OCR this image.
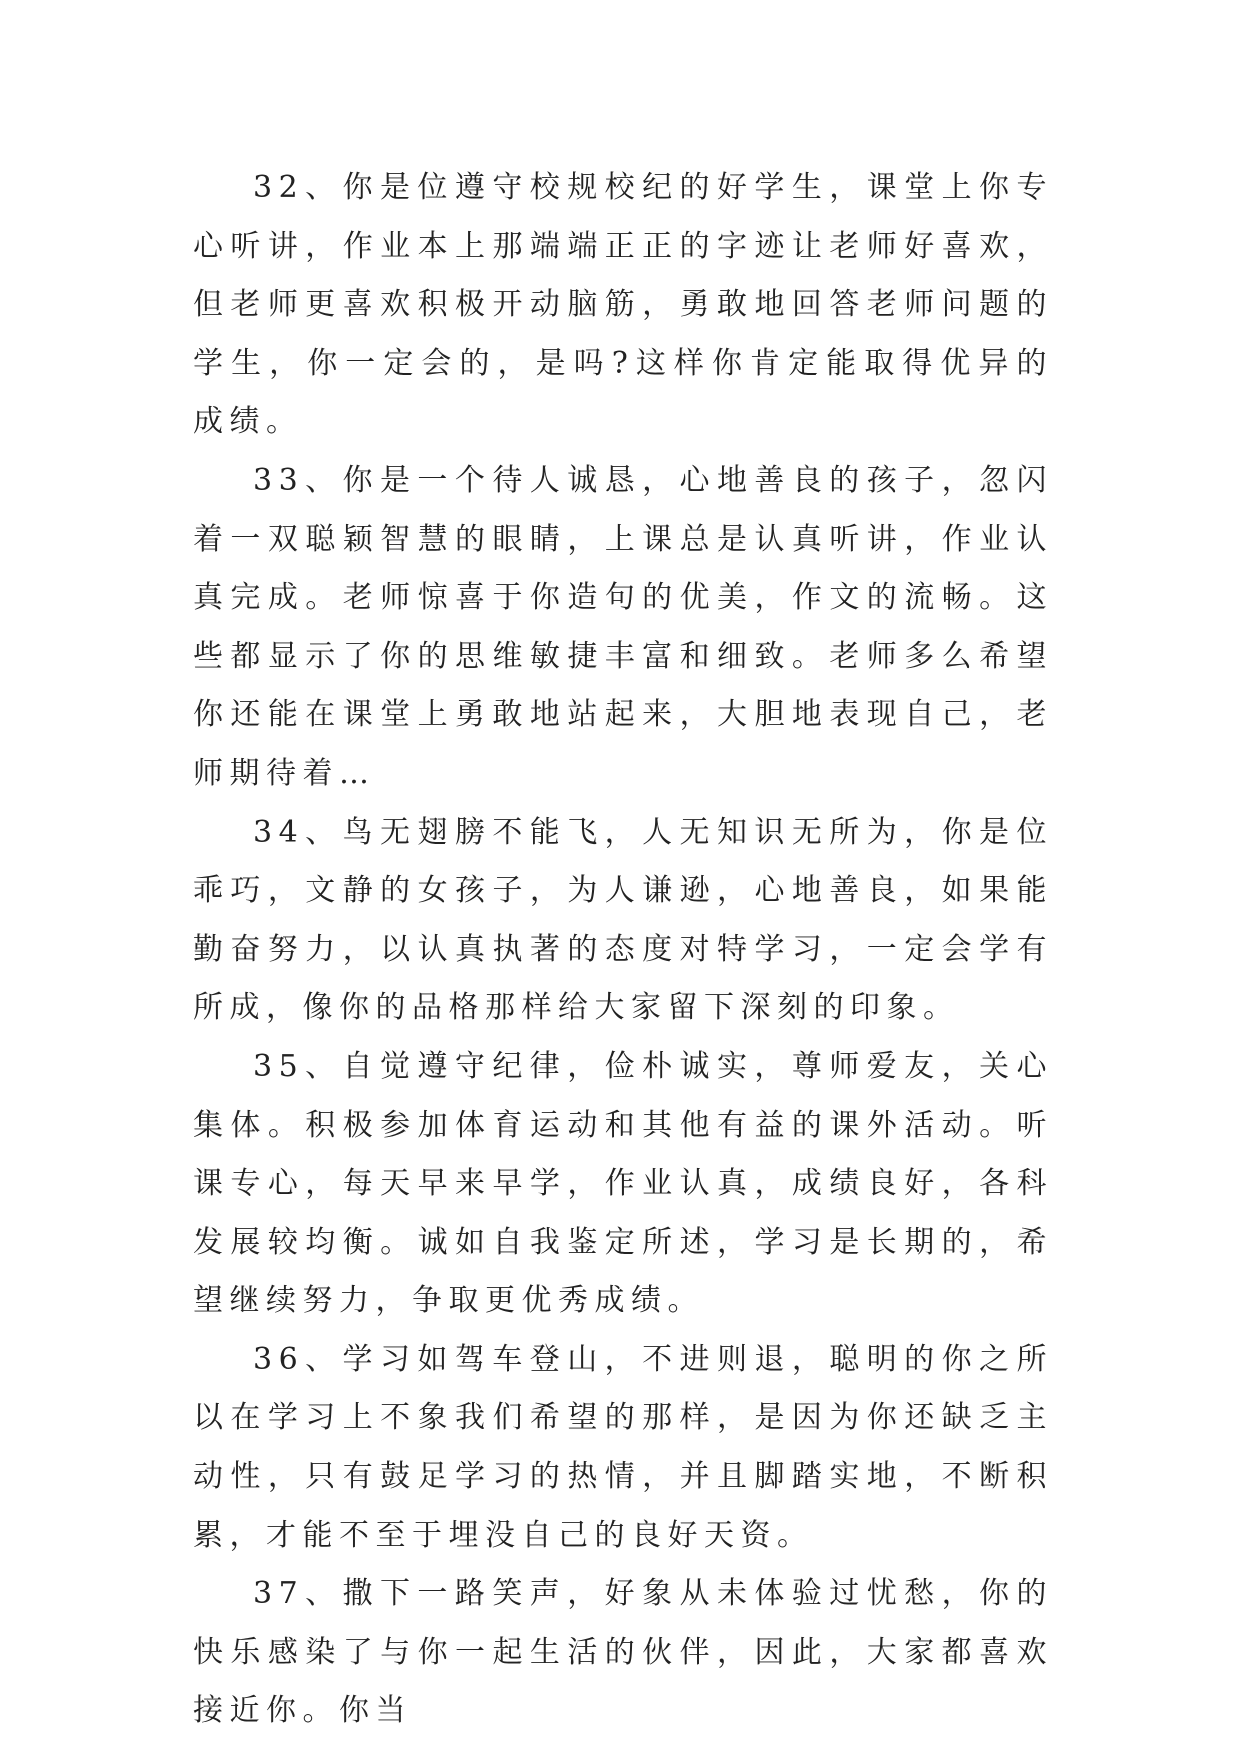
32、你是位遵守校规校纪的好学生，课堂上你专心听讲，作业本上那端端正正的字迹让老师好喜欢，但老师更喜欢积极开动脑筋，勇敢地回答老师问题的学生，你一定会的，是吗?这样你肯定能取得优异的成绩。

33、你是一个待人诚恳，心地善良的孩子，忽闪着一双聪颖智慧的眼睛，上课总是认真听讲，作业认真完成。老师惊喜于你造句的优美，作文的流畅。这些都显示了你的思维敏捷丰富和细致。老师多么希望你还能在课堂上勇敢地站起来，大胆地表现自己，老师期待着…

34、鸟无翅膀不能飞，人无知识无所为，你是位乖巧，文静的女孩子，为人谦逊，心地善良，如果能勤奋努力，以认真执著的态度对特学习，一定会学有所成，像你的品格那样给大家留下深刻的印象。

35、自觉遵守纪律，俭朴诚实，尊师爱友，关心集体。积极参加体育运动和其他有益的课外活动。听课专心，每天早来早学，作业认真，成绩良好，各科发展较均衡。诚如自我鉴定所述，学习是长期的，希望继续努力，争取更优秀成绩。

36、学习如驾车登山，不进则退，聪明的你之所以在学习上不象我们希望的那样，是因为你还缺乏主动性，只有鼓足学习的热情，并且脚踏实地，不断积累，才能不至于埋没自己的良好天资。

37、撒下一路笑声，好象从未体验过忧愁，你的快乐感染了与你一起生活的伙伴，因此，大家都喜欢接近你。你当
